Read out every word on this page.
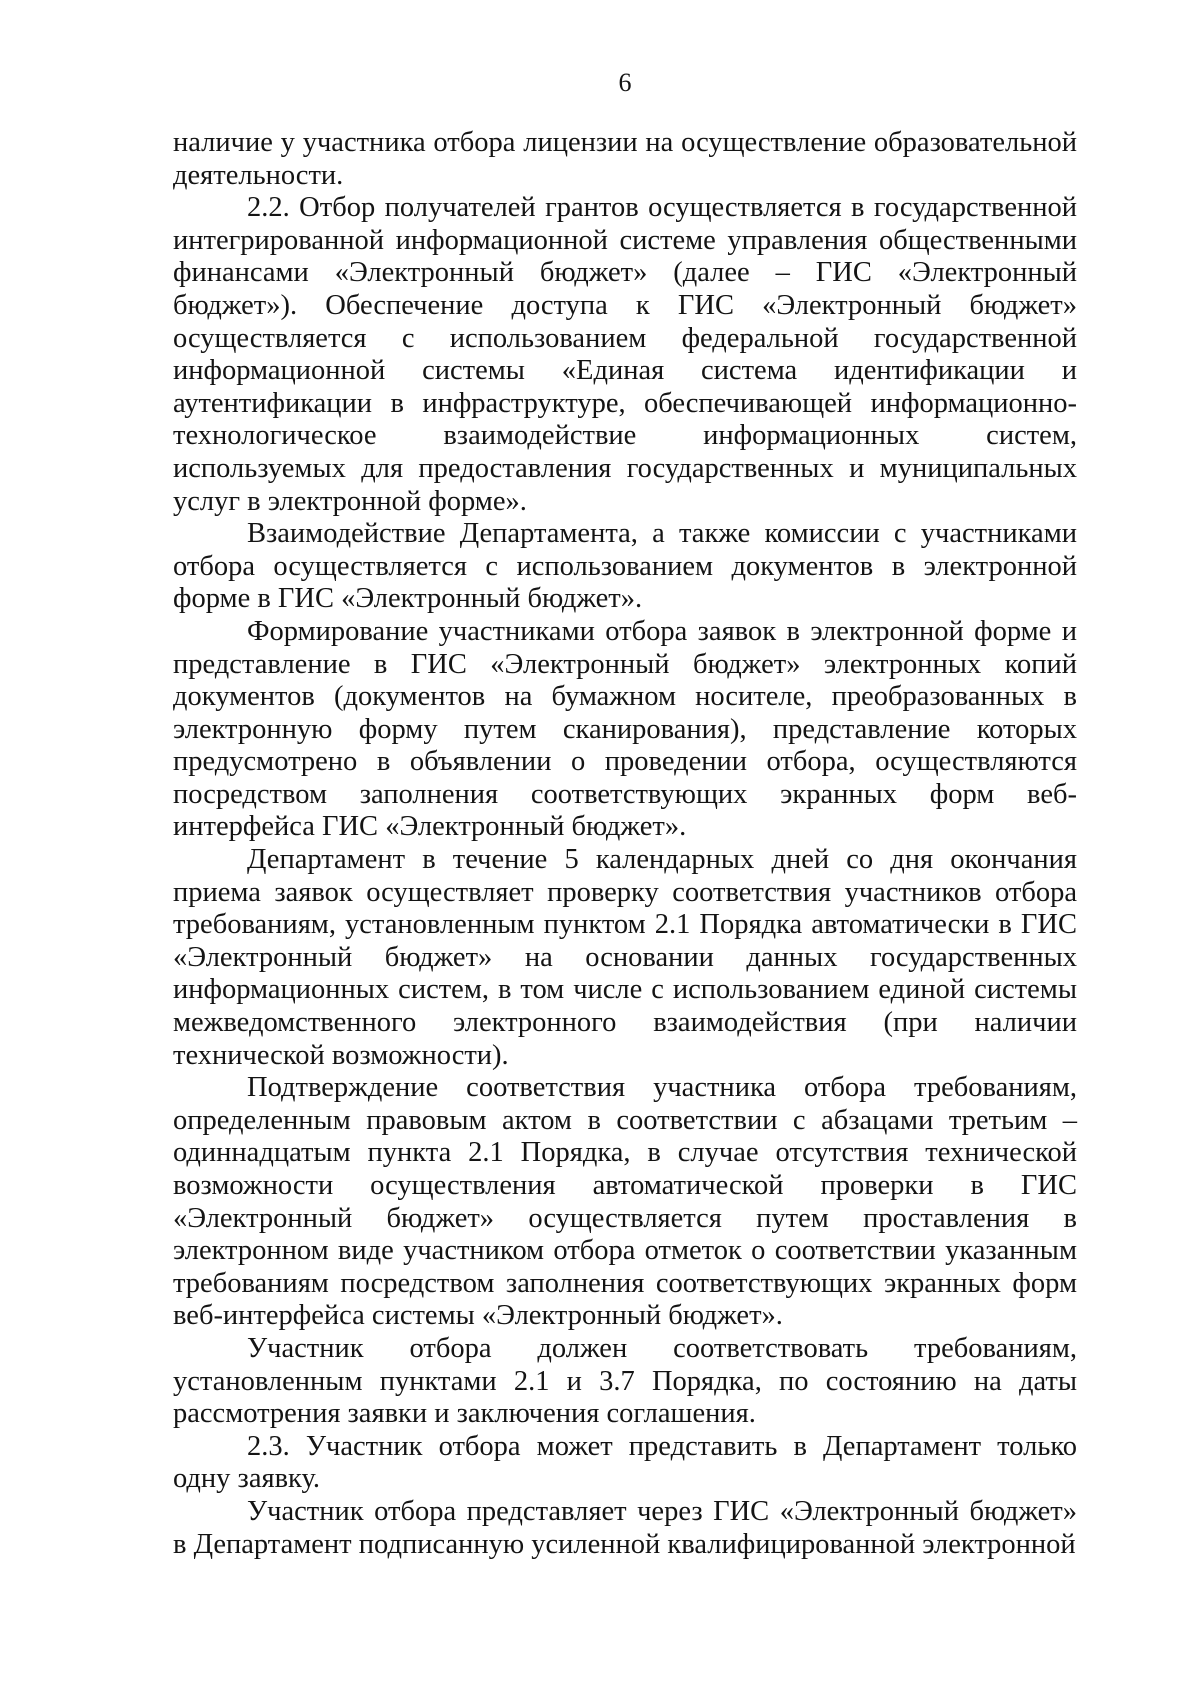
6

наличие у участника отбора лицензии на осуществление образовательной деятельности.

2.2. Отбор получателей грантов осуществляется в государственной интегрированной информационной системе управления общественными финансами «Электронный бюджет» (далее – ГИС «Электронный бюджет»). Обеспечение доступа к ГИС «Электронный бюджет» осуществляется с использованием федеральной государственной информационной системы «Единая система идентификации и аутентификации в инфраструктуре, обеспечивающей информационно-технологическое взаимодействие информационных систем, используемых для предоставления государственных и муниципальных услуг в электронной форме».

Взаимодействие Департамента, а также комиссии с участниками отбора осуществляется с использованием документов в электронной форме в ГИС «Электронный бюджет».

Формирование участниками отбора заявок в электронной форме и представление в ГИС «Электронный бюджет» электронных копий документов (документов на бумажном носителе, преобразованных в электронную форму путем сканирования), представление которых предусмотрено в объявлении о проведении отбора, осуществляются посредством заполнения соответствующих экранных форм веб-интерфейса ГИС «Электронный бюджет».

Департамент в течение 5 календарных дней со дня окончания приема заявок осуществляет проверку соответствия участников отбора требованиям, установленным пунктом 2.1 Порядка автоматически в ГИС «Электронный бюджет» на основании данных государственных информационных систем, в том числе с использованием единой системы межведомственного электронного взаимодействия (при наличии технической возможности).

Подтверждение соответствия участника отбора требованиям, определенным правовым актом в соответствии с абзацами третьим – одиннадцатым пункта 2.1 Порядка, в случае отсутствия технической возможности осуществления автоматической проверки в ГИС «Электронный бюджет» осуществляется путем проставления в электронном виде участником отбора отметок о соответствии указанным требованиям посредством заполнения соответствующих экранных форм веб-интерфейса системы «Электронный бюджет».

Участник отбора должен соответствовать требованиям, установленным пунктами 2.1 и 3.7 Порядка, по состоянию на даты рассмотрения заявки и заключения соглашения.

2.3. Участник отбора может представить в Департамент только одну заявку.

Участник отбора представляет через ГИС «Электронный бюджет» в Департамент подписанную усиленной квалифицированной электронной
